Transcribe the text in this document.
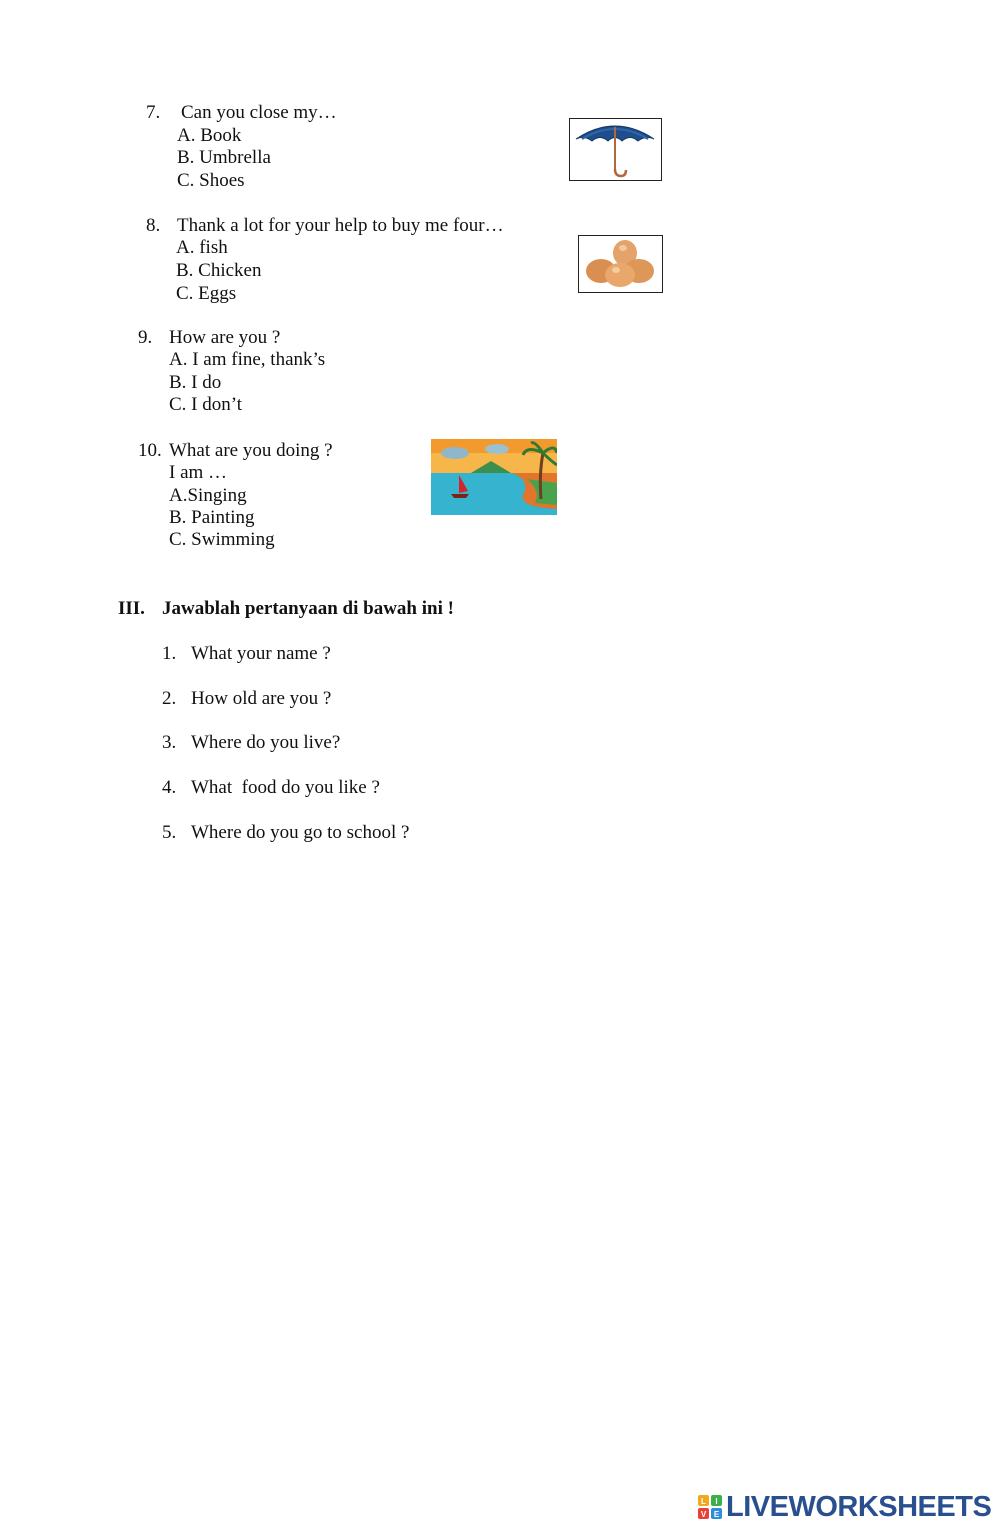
7. Can you close my…
A. Book
B. Umbrella
C. Shoes
8. Thank a lot for your help to buy me four…
A. fish
B. Chicken
C. Eggs
9. How are you ?
A. I am fine, thank’s
B. I do
C. I don’t
10. What are you doing ?
I am …
A.Singing
B. Painting
C. Swimming
III. Jawablah pertanyaan di bawah ini !
1. What your name ?
2. How old are you ?
3. Where do you live?
4. What  food do you like ?
5. Where do you go to school ?
L I
V E LIVEWORKSHEETS
